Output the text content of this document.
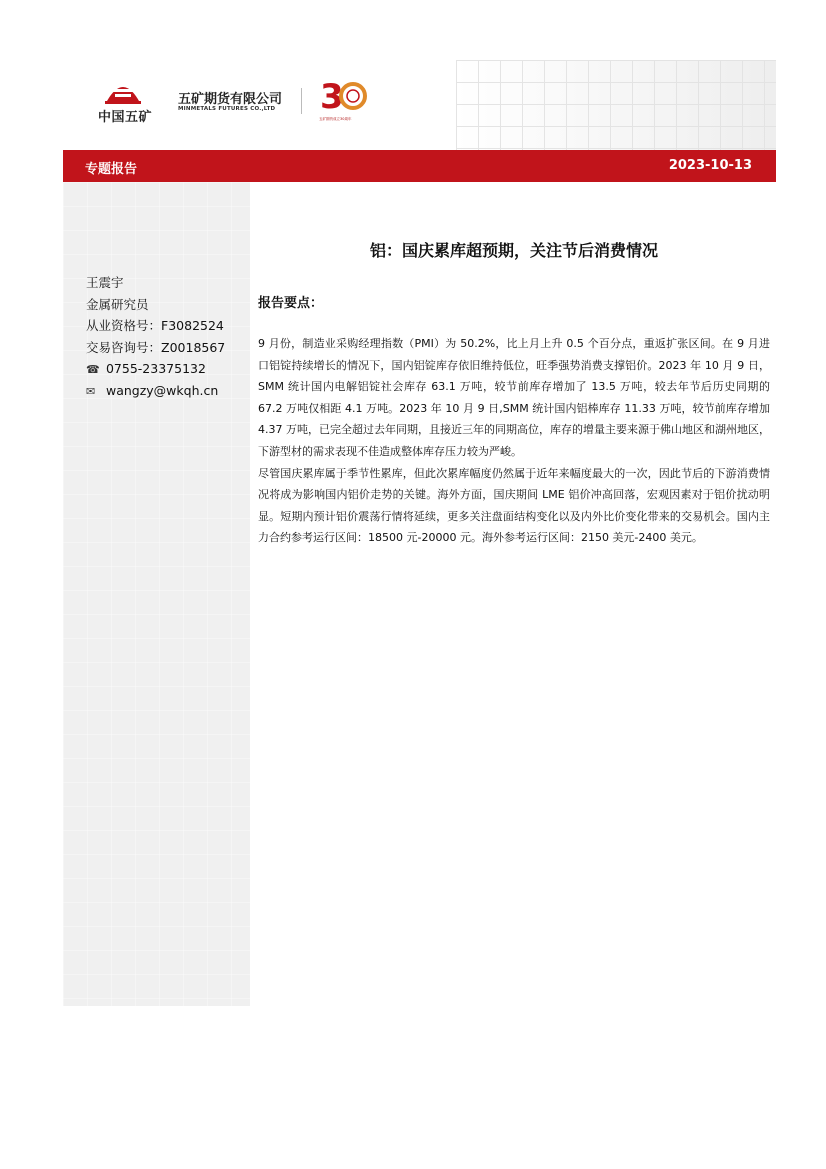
中国五矿
五矿期货有限公司
MINMETALS FUTURES CO.,LTD 3
五矿期货成立30周年
专题报告	2023-10-13
王震宇
金属研究员
从业资格号：F3082524
交易咨询号：Z0018567
☎ 0755-23375132
✉ wangzy@wkqh.cn
铝：国庆累库超预期，关注节后消费情况
报告要点：

9 月份，制造业采购经理指数（PMI）为 50.2%，比上月上升 0.5 个百分点，重返扩张区间。在 9 月进口铝锭持续增长的情况下，国内铝锭库存依旧维持低位，旺季强势消费支撑铝价。2023 年 10 月 9 日，SMM 统计国内电解铝锭社会库存 63.1 万吨，较节前库存增加了 13.5 万吨，较去年节后历史同期的 67.2 万吨仅相距 4.1 万吨。2023 年 10 月 9 日,SMM 统计国内铝棒库存 11.33 万吨，较节前库存增加 4.37 万吨，已完全超过去年同期，且接近三年的同期高位，库存的增量主要来源于佛山地区和湖州地区，下游型材的需求表现不佳造成整体库存压力较为严峻。

尽管国庆累库属于季节性累库，但此次累库幅度仍然属于近年来幅度最大的一次，因此节后的下游消费情况将成为影响国内铝价走势的关键。海外方面，国庆期间 LME 铝价冲高回落，宏观因素对于铝价扰动明显。短期内预计铝价震荡行情将延续，更多关注盘面结构变化以及内外比价变化带来的交易机会。国内主力合约参考运行区间：18500 元-20000 元。海外参考运行区间：2150 美元-2400 美元。
